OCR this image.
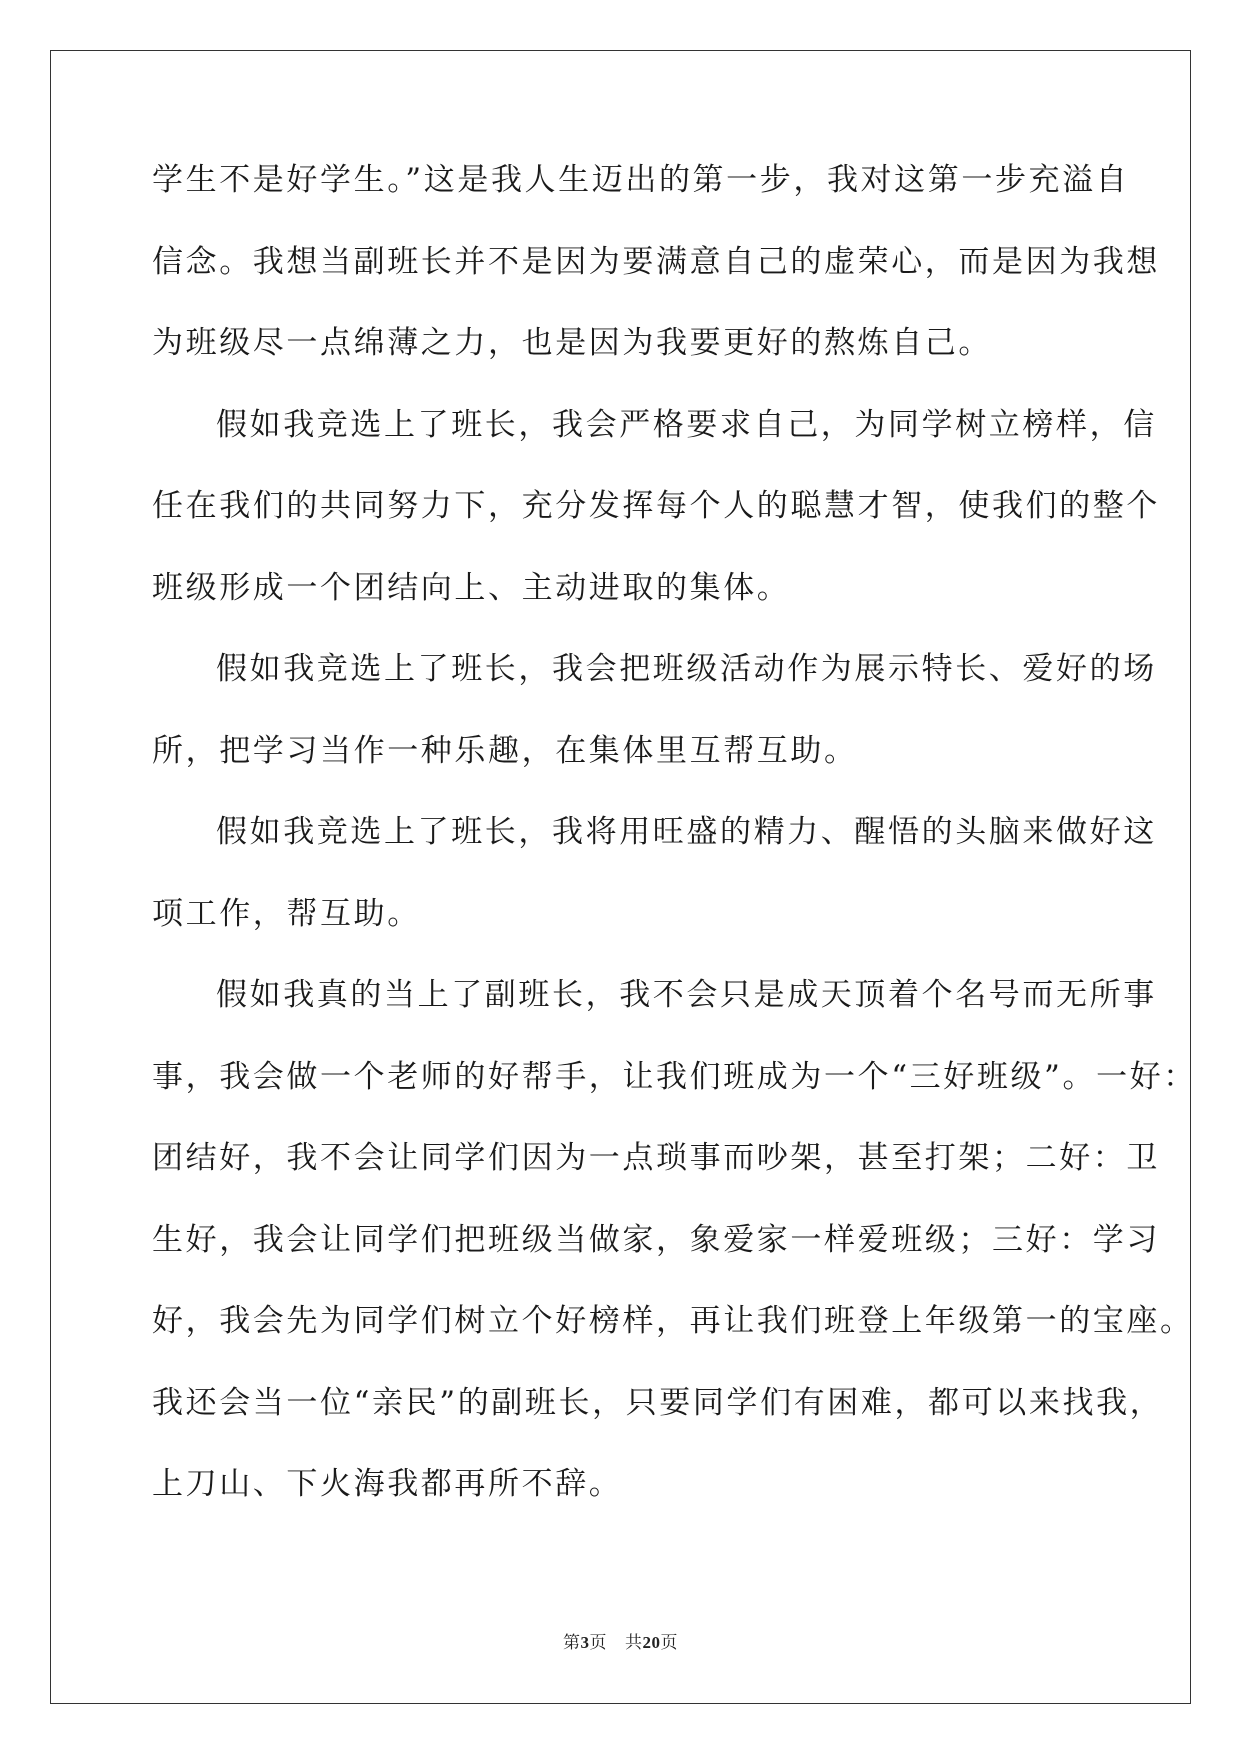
学生不是好学生。”这是我人生迈出的第一步，我对这第一步充溢自
信念。我想当副班长并不是因为要满意自己的虚荣心，而是因为我想
为班级尽一点绵薄之力，也是因为我要更好的熬炼自己。
假如我竞选上了班长，我会严格要求自己，为同学树立榜样，信
任在我们的共同努力下，充分发挥每个人的聪慧才智，使我们的整个
班级形成一个团结向上、主动进取的集体。
假如我竞选上了班长，我会把班级活动作为展示特长、爱好的场
所，把学习当作一种乐趣，在集体里互帮互助。
假如我竞选上了班长，我将用旺盛的精力、醒悟的头脑来做好这
项工作，帮互助。
假如我真的当上了副班长，我不会只是成天顶着个名号而无所事
事，我会做一个老师的好帮手，让我们班成为一个“三好班级”。一好：
团结好，我不会让同学们因为一点琐事而吵架，甚至打架；二好：卫
生好，我会让同学们把班级当做家，象爱家一样爱班级；三好：学习
好，我会先为同学们树立个好榜样，再让我们班登上年级第一的宝座。
我还会当一位“亲民”的副班长，只要同学们有困难，都可以来找我，
上刀山、下火海我都再所不辞。
第3页 共20页
